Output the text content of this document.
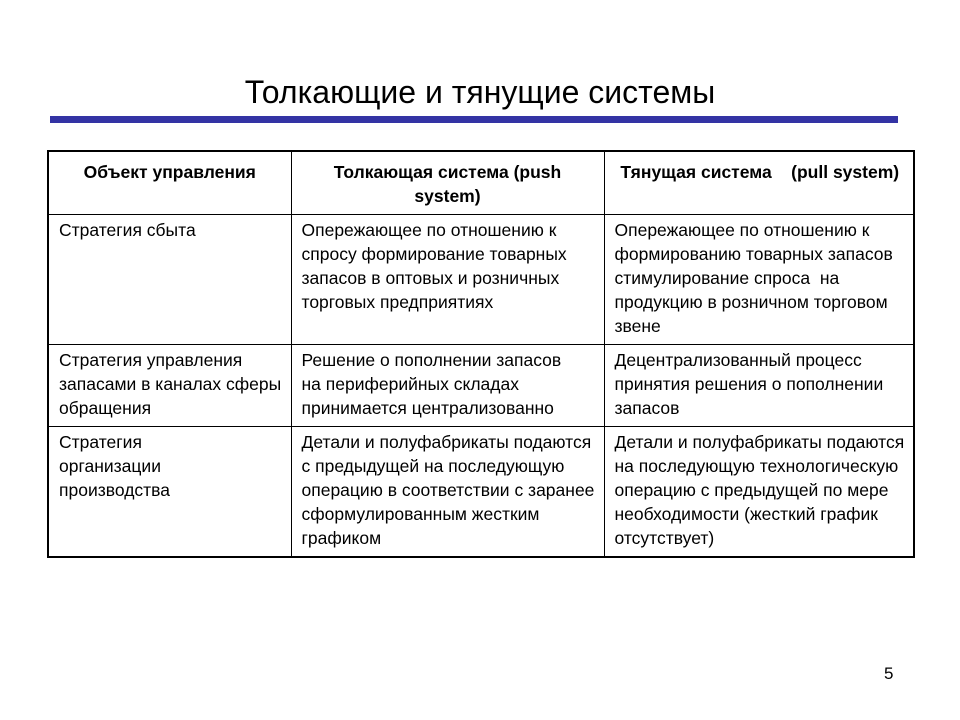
Толкающие и тянущие системы
Объект управления	Толкающая система (push system)	Тянущая система    (pull system)
Стратегия сбыта	Опережающее по отношению к спросу формирование товарных запасов в оптовых и розничных торговых предприятиях	Опережающее по отношению к формированию товарных запасов стимулирование спроса  на продукцию в розничном торговом звене
Стратегия управления запасами в каналах сферы обращения	Решение о пополнении запасов на периферийных складах принимается централизованно	Децентрализованный процесс принятия решения о пополнении запасов
Стратегия организации производства	Детали и полуфабрикаты подаются с предыдущей на последующую операцию в соответствии с заранее сформулированным жестким графиком	Детали и полуфабрикаты подаются на последующую технологическую операцию с предыдущей по мере необходимости (жесткий график отсутствует)
5
